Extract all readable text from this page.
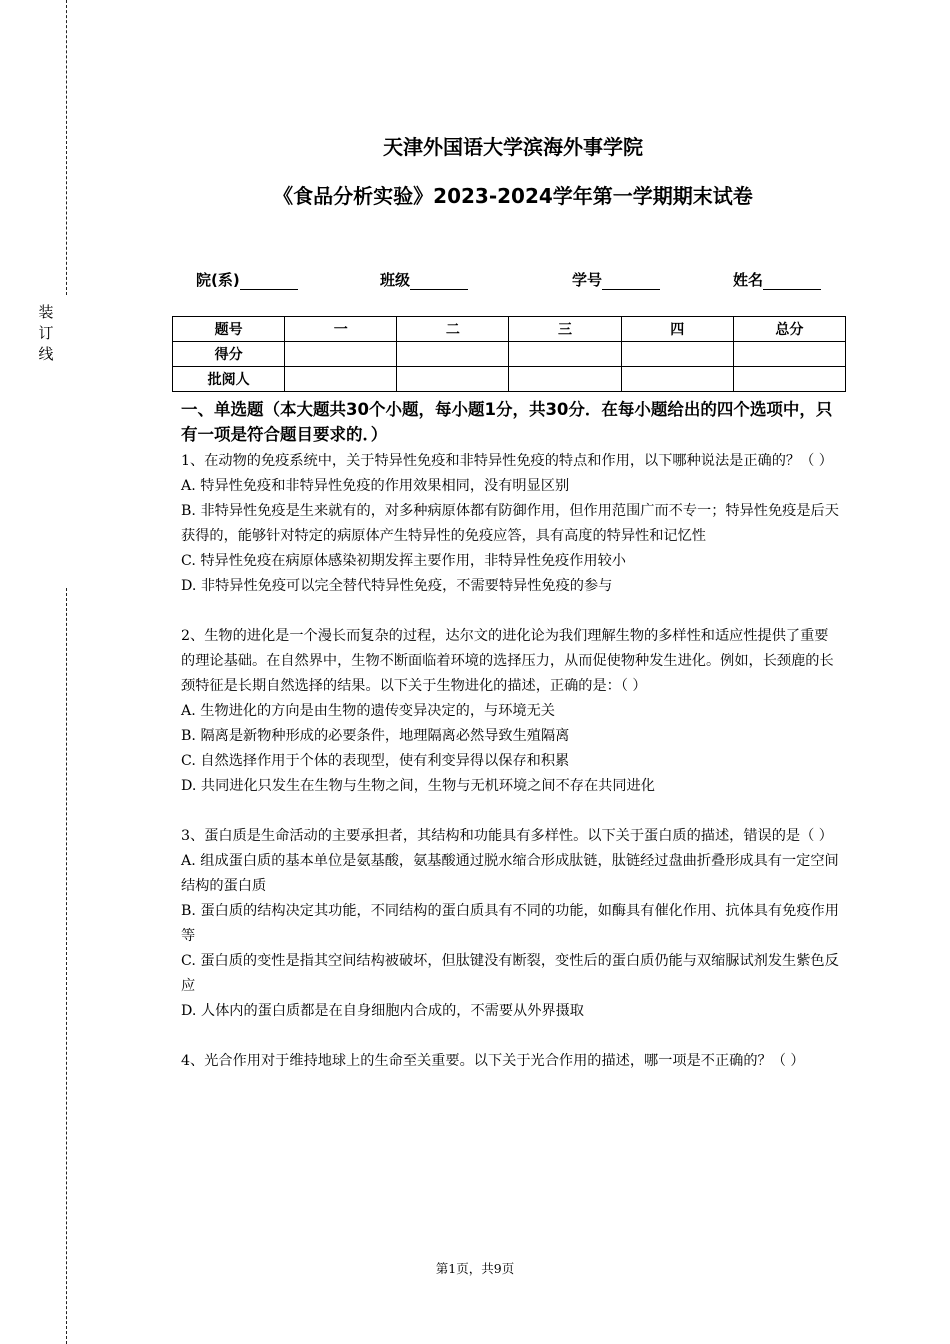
装
订
线
天津外国语大学滨海外事学院
《食品分析实验》2023-2024学年第一学期期末试卷
院(系)	班级	学号	姓名
题号	一	二	三	四	总分
得分					
批阅人					
一、单选题（本大题共30个小题，每小题1分，共30分．在每小题给出的四个选项中，只有一项是符合题目要求的．）

1、在动物的免疫系统中，关于特异性免疫和非特异性免疫的特点和作用，以下哪种说法是正确的？（ ）

A. 特异性免疫和非特异性免疫的作用效果相同，没有明显区别

B. 非特异性免疫是生来就有的，对多种病原体都有防御作用，但作用范围广而不专一；特异性免疫是后天获得的，能够针对特定的病原体产生特异性的免疫应答，具有高度的特异性和记忆性

C. 特异性免疫在病原体感染初期发挥主要作用，非特异性免疫作用较小

D. 非特异性免疫可以完全替代特异性免疫，不需要特异性免疫的参与

2、生物的进化是一个漫长而复杂的过程，达尔文的进化论为我们理解生物的多样性和适应性提供了重要的理论基础。在自然界中，生物不断面临着环境的选择压力，从而促使物种发生进化。例如，长颈鹿的长颈特征是长期自然选择的结果。以下关于生物进化的描述，正确的是：（ ）

A. 生物进化的方向是由生物的遗传变异决定的，与环境无关

B. 隔离是新物种形成的必要条件，地理隔离必然导致生殖隔离

C. 自然选择作用于个体的表现型，使有利变异得以保存和积累

D. 共同进化只发生在生物与生物之间，生物与无机环境之间不存在共同进化

3、蛋白质是生命活动的主要承担者，其结构和功能具有多样性。以下关于蛋白质的描述，错误的是（ ）

A. 组成蛋白质的基本单位是氨基酸，氨基酸通过脱水缩合形成肽链，肽链经过盘曲折叠形成具有一定空间结构的蛋白质

B. 蛋白质的结构决定其功能，不同结构的蛋白质具有不同的功能，如酶具有催化作用、抗体具有免疫作用等

C. 蛋白质的变性是指其空间结构被破坏，但肽键没有断裂，变性后的蛋白质仍能与双缩脲试剂发生紫色反应

D. 人体内的蛋白质都是在自身细胞内合成的，不需要从外界摄取

4、光合作用对于维持地球上的生命至关重要。以下关于光合作用的描述，哪一项是不正确的？（ ）

第1页，共9页
